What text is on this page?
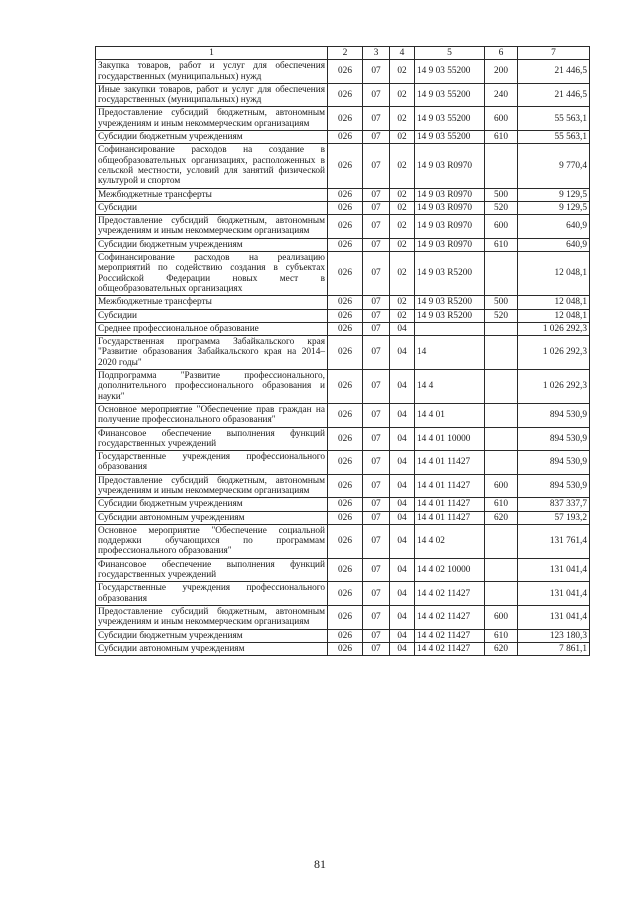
1	2	3	4	5	6	7
Закупка товаров, работ и услуг для обеспечения государственных (муниципальных) нужд	026	07	02	14 9 03 55200	200	21 446,5
Иные закупки товаров, работ и услуг для обеспечения государственных (муниципальных) нужд	026	07	02	14 9 03 55200	240	21 446,5
Предоставление субсидий бюджетным, автономным учреждениям и иным некоммерческим организациям	026	07	02	14 9 03 55200	600	55 563,1
Субсидии бюджетным учреждениям	026	07	02	14 9 03 55200	610	55 563,1
Софинансирование расходов на создание в общеобразовательных организациях, расположенных в сельской местности, условий для занятий физической культурой и спортом	026	07	02	14 9 03 R0970		9 770,4
Межбюджетные трансферты	026	07	02	14 9 03 R0970	500	9 129,5
Субсидии	026	07	02	14 9 03 R0970	520	9 129,5
Предоставление субсидий бюджетным, автономным учреждениям и иным некоммерческим организациям	026	07	02	14 9 03 R0970	600	640,9
Субсидии бюджетным учреждениям	026	07	02	14 9 03 R0970	610	640,9
Софинансирование расходов на реализацию мероприятий по содействию создания в субъектах Российской Федерации новых мест в общеобразовательных организациях	026	07	02	14 9 03 R5200		12 048,1
Межбюджетные трансферты	026	07	02	14 9 03 R5200	500	12 048,1
Субсидии	026	07	02	14 9 03 R5200	520	12 048,1
Среднее профессиональное образование	026	07	04			1 026 292,3
Государственная программа Забайкальского края "Развитие образования Забайкальского края на 2014–2020 годы"	026	07	04	14		1 026 292,3
Подпрограмма "Развитие профессионального, дополнительного профессионального образования и науки"	026	07	04	14 4		1 026 292,3
Основное мероприятие "Обеспечение прав граждан на получение профессионального образования"	026	07	04	14 4 01		894 530,9
Финансовое обеспечение выполнения функций государственных учреждений	026	07	04	14 4 01 10000		894 530,9
Государственные учреждения профессионального образования	026	07	04	14 4 01 11427		894 530,9
Предоставление субсидий бюджетным, автономным учреждениям и иным некоммерческим организациям	026	07	04	14 4 01 11427	600	894 530,9
Субсидии бюджетным учреждениям	026	07	04	14 4 01 11427	610	837 337,7
Субсидии автономным учреждениям	026	07	04	14 4 01 11427	620	57 193,2
Основное мероприятие "Обеспечение социальной поддержки обучающихся по программам профессионального образования"	026	07	04	14 4 02		131 761,4
Финансовое обеспечение выполнения функций государственных учреждений	026	07	04	14 4 02 10000		131 041,4
Государственные учреждения профессионального образования	026	07	04	14 4 02 11427		131 041,4
Предоставление субсидий бюджетным, автономным учреждениям и иным некоммерческим организациям	026	07	04	14 4 02 11427	600	131 041,4
Субсидии бюджетным учреждениям	026	07	04	14 4 02 11427	610	123 180,3
Субсидии автономным учреждениям	026	07	04	14 4 02 11427	620	7 861,1
81
